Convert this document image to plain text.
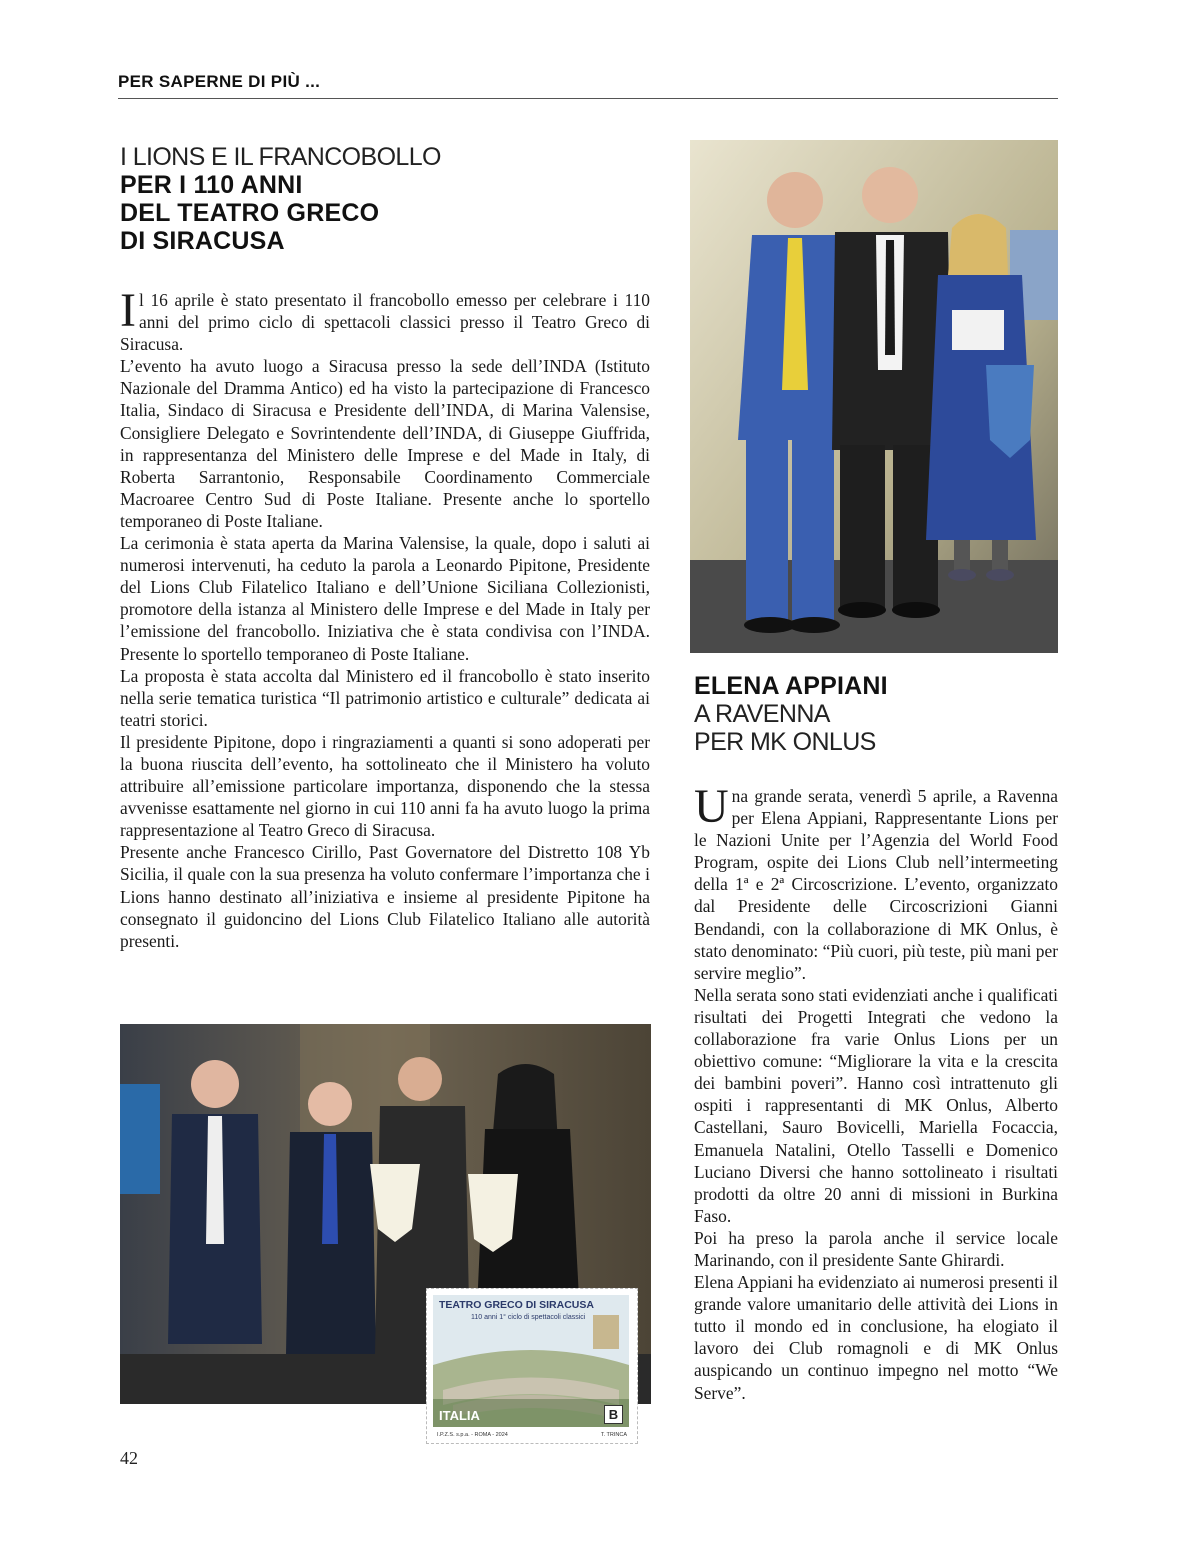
PER SAPERNE DI PIÙ ...
I LIONS E IL FRANCOBOLLO
PER I 110 ANNI
DEL TEATRO GRECO
DI SIRACUSA

Il 16 aprile è stato presentato il francobollo emesso per celebrare i 110 anni del primo ciclo di spettacoli classici presso il Teatro Greco di Siracusa.

L’evento ha avuto luogo a Siracusa presso la sede dell’INDA (Istituto Nazionale del Dramma Antico) ed ha visto la partecipazione di Francesco Italia, Sindaco di Siracusa e Presidente dell’INDA, di Marina Valensise, Consigliere Delegato e Sovrintendente dell’INDA, di Giuseppe Giuffrida, in rappresentanza del Ministero delle Imprese e del Made in Italy, di Roberta Sarrantonio, Responsabile Coordinamento Commerciale Macroaree Centro Sud di Poste Italiane. Presente anche lo sportello temporaneo di Poste Italiane.

La cerimonia è stata aperta da Marina Valensise, la quale, dopo i saluti ai numerosi intervenuti, ha ceduto la parola a Leonardo Pipitone, Presidente del Lions Club Filatelico Italiano e dell’Unione Siciliana Collezionisti, promotore della istanza al Ministero delle Imprese e del Made in Italy per l’emissione del francobollo. Iniziativa che è stata condivisa con l’INDA. Presente lo sportello temporaneo di Poste Italiane.

La proposta è stata accolta dal Ministero ed il francobollo è stato inserito nella serie tematica turistica “Il patrimonio artistico e culturale” dedicata ai teatri storici.

Il presidente Pipitone, dopo i ringraziamenti a quanti si sono adoperati per la buona riuscita dell’evento, ha sottolineato che il Ministero ha voluto attribuire all’emissione particolare importanza, disponendo che la stessa avvenisse esattamente nel giorno in cui 110 anni fa ha avuto luogo la prima rappresentazione al Teatro Greco di Siracusa.

Presente anche Francesco Cirillo, Past Governatore del Distretto 108 Yb Sicilia, il quale con la sua presenza ha voluto confermare l’importanza che i Lions hanno destinato all’iniziativa e insieme al presidente Pipitone ha consegnato il guidoncino del Lions Club Filatelico Italiano alle autorità presenti.

ELENA APPIANI
A RAVENNA
PER MK ONLUS

Una grande serata, venerdì 5 aprile, a Ravenna per Elena Appiani, Rappresentante Lions per le Nazioni Unite per l’Agenzia del World Food Program, ospite dei Lions Club nell’intermeeting della 1ª e 2ª Circoscrizione. L’evento, organizzato dal Presidente delle Circoscrizioni Gianni Bendandi, con la collaborazione di MK Onlus, è stato denominato: “Più cuori, più teste, più mani per servire meglio”.

Nella serata sono stati evidenziati anche i qualificati risultati dei Progetti Integrati che vedono la collaborazione fra varie Onlus Lions per un obiettivo comune: “Migliorare la vita e la crescita dei bambini poveri”. Hanno così intrattenuto gli ospiti i rappresentanti di MK Onlus, Alberto Castellani, Sauro Bovicelli, Mariella Focaccia, Emanuela Natalini, Otello Tasselli e Domenico Luciano Diversi che hanno sottolineato i risultati prodotti da oltre 20 anni di missioni in Burkina Faso.

Poi ha preso la parola anche il service locale Marinando, con il presidente Sante Ghirardi.

Elena Appiani ha evidenziato ai numerosi presenti il grande valore umanitario delle attività dei Lions in tutto il mondo ed in conclusione, ha elogiato il lavoro dei Club romagnoli e di MK Onlus auspicando un continuo impegno nel motto “We Serve”.

TEATRO GRECO DI SIRACUSA
110 anni 1° ciclo di spettacoli classici
ITALIA	B
I.P.Z.S. s.p.a. - ROMA - 2024	T. TRINCA
42
